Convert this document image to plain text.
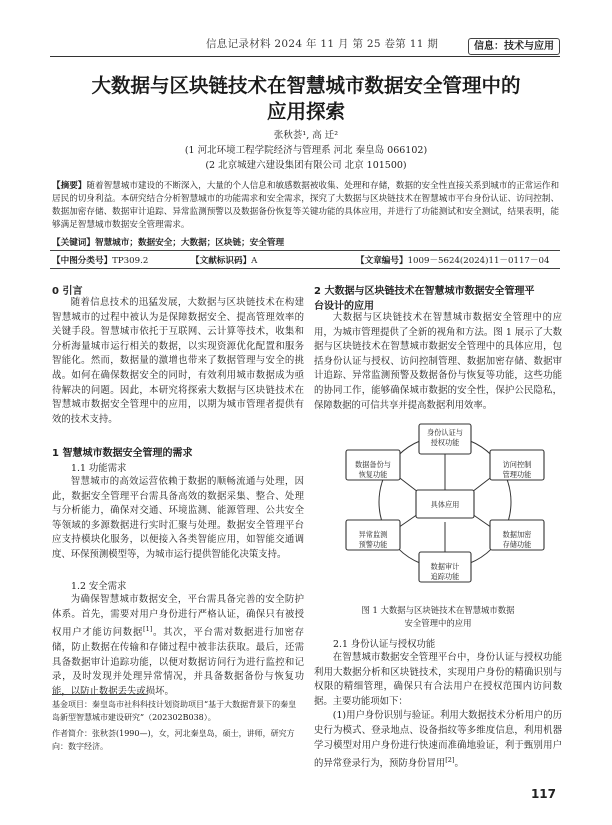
信息记录材料 2024 年 11 月 第 25 卷第 11 期	信息：技术与应用
大数据与区块链技术在智慧城市数据安全管理中的
应用探索
张秋荟¹, 高 迁²
(1 河北环境工程学院经济与管理系 河北 秦皇岛 066102)
(2 北京城建六建设集团有限公司 北京 101500)
【摘要】随着智慧城市建设的不断深入，大量的个人信息和敏感数据被收集、处理和存储，数据的安全性直接关系到城市的正常运作和居民的切身利益。本研究结合分析智慧城市的功能需求和安全需求，探究了大数据与区块链技术在智慧城市平台身份认证、访问控制、数据加密存储、数据审计追踪、异常监测预警以及数据备份恢复等关键功能的具体应用，并进行了功能测试和安全测试，结果表明，能够满足智慧城市数据安全管理需求。
【关键词】智慧城市；数据安全；大数据；区块链；安全管理
【中图分类号】TP309.2	【文献标识码】A	【文章编号】1009－5624(2024)11－0117－04
0 引言

随着信息技术的迅猛发展，大数据与区块链技术在构建智慧城市的过程中被认为是保障数据安全、提高管理效率的关键手段。智慧城市依托于互联网、云计算等技术，收集和分析海量城市运行相关的数据，以实现资源优化配置和服务智能化。然而，数据量的激增也带来了数据管理与安全的挑战。如何在确保数据安全的同时，有效利用城市数据成为亟待解决的问题。因此，本研究将探索大数据与区块链技术在智慧城市数据安全管理中的应用，以期为城市管理者提供有效的技术支持。

1 智慧城市数据安全管理的需求
1.1 功能需求

智慧城市的高效运营依赖于数据的顺畅流通与处理，因此，数据安全管理平台需具备高效的数据采集、整合、处理与分析能力，确保对交通、环境监测、能源管理、公共安全等领域的多源数据进行实时汇聚与处理。数据安全管理平台应支持模块化服务，以便接入各类智能应用，如智能交通调度、环保预测模型等，为城市运行提供智能化决策支持。

1.2 安全需求

为确保智慧城市数据安全，平台需具备完善的安全防护体系。首先，需要对用户身份进行严格认证，确保只有被授权用户才能访问数据[1]。其次，平台需对数据进行加密存储，防止数据在传输和存储过程中被非法获取。最后，还需具备数据审计追踪功能，以便对数据访问行为进行监控和记录，及时发现并处理异常情况，并具备数据备份与恢复功能，以防止数据丢失或损坏。

基金项目：秦皇岛市社科科技计划资助项目“基于大数据背景下的秦皇岛新型智慧城市建设研究”（202302B038）。
作者简介：张秋荟(1990—)，女，河北秦皇岛，硕士，讲师，研究方向：数字经济。
2 大数据与区块链技术在智慧城市数据安全管理平
台设计的应用

大数据与区块链技术在智慧城市数据安全管理中的应用，为城市管理提供了全新的视角和方法。图 1 展示了大数据与区块链技术在智慧城市数据安全管理中的具体应用，包括身份认证与授权、访问控制管理、数据加密存储、数据审计追踪、异常监测预警及数据备份与恢复等功能，这些功能的协同工作，能够确保城市数据的安全性，保护公民隐私，保障数据的可信共享并提高数据利用效率。

具体应用
身份认证与授权功能
访问控制管理功能
数据加密存储功能
数据审计追踪功能
异常监测预警功能
数据备份与恢复功能
图 1 大数据与区块链技术在智慧城市数据
安全管理中的应用
2.1 身份认证与授权功能

在智慧城市数据安全管理平台中，身份认证与授权功能利用大数据分析和区块链技术，实现用户身份的精确识别与权限的精细管理，确保只有合法用户在授权范围内访问数据。主要功能项如下：

(1)用户身份识别与验证。利用大数据技术分析用户的历史行为模式、登录地点、设备指纹等多维度信息，利用机器学习模型对用户身份进行快速而准确地验证，利于甄别用户的异常登录行为，预防身份冒用[2]。

117
